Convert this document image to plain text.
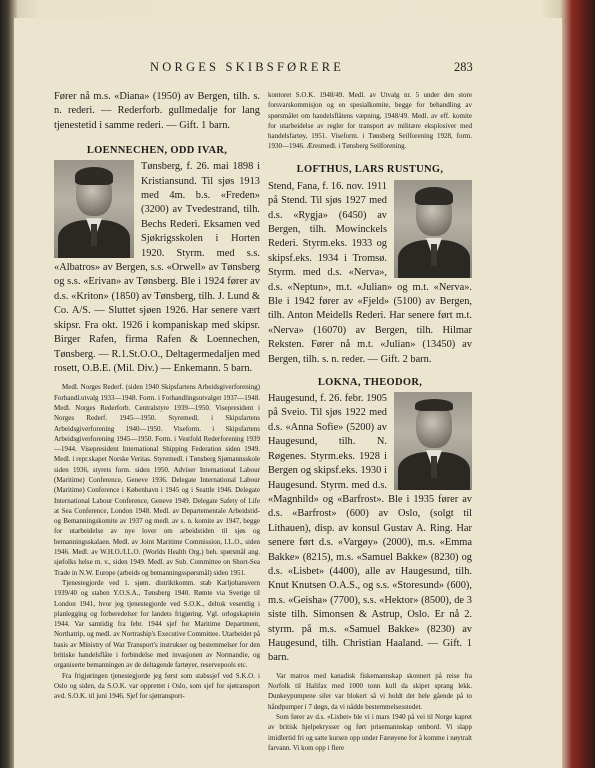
NORGES SKIBSFØRERE	283

Fører nå m.s. «Diana» (1950) av Bergen, tilh. s. n. rederi. — Rederforb. gullmedalje for lang tjenestetid i samme rederi. — Gift. 1 barn.

LOENNECHEN, ODD IVAR,

Tønsberg, f. 26. mai 1898 i Kristiansund. Til sjøs 1913 med 4m. b.s. «Freden» (3200) av Tvedestrand, tilh. Bechs Rederi. Eksamen ved Sjøkrigsskolen i Horten 1920. Styrm. med s.s. «Albatros» av Bergen, s.s. «Orwell» av Tønsberg og s.s. «Erivan» av Tønsberg. Ble i 1924 fører av d.s. «Kriton» (1850) av Tønsberg, tilh. J. Lund & Co. A/S. — Sluttet sjøen 1926. Har senere vært skipsr. Fra okt. 1926 i kompaniskap med skipsr. Birger Rafen, firma Rafen & Loennechen, Tønsberg. — R.1.St.O.O., Deltagermedaljen med rosett, O.B.E. (Mil. Div.) — Enkemann. 5 barn.

Medl. Norges Rederf. (siden 1940 Skipsfartens Arbeidsgiverforening) Forhandl.utvalg 1933—1948. Form. i Forhandlingsutvalget 1937—1948. Medl. Norges Rederforb. Centralstyre 1939—1950. Visepresident i Norges Rederf. 1945—1950. Styremedl. i Skipsfartens Arbeidsgiverforening 1940—1950. Viseform. i Skipsfartens Arbeidsgiverforening 1945—1950. Form. i Vestfold Rederforening 1939—1944. Visepresident International Shipping Federation siden 1949. Medl. i repr.skapet Norske Veritas. Styremedl. i Tønsberg Sjømannsskole siden 1936, styrets form. siden 1950. Adviser International Labour (Maritime) Conference, Geneve 1936. Delegate International Labour (Maritime) Conference i København i 1945 og i Seattle 1946. Delegate International Labour Conference, Geneve 1949. Delegate Safety of Life at Sea Conference, London 1948. Medl. av Departementale Arbeidstid- og Bemanningskomite av 1937 og medl. av s. n. komite av 1947, begge for utarbeidelse av nye lover om arbeidstiden til sjøs og bemanningsskalaen. Medl. av Joint Maritime Commission, I.L.O., siden 1946. Medl. av W.H.O./I.L.O. (Worlds Health Org.) beh. spørsmål ang. sjøfolks helse m. v., siden 1949. Medl. av Sub. Committee on Short-Sea Trade in N.W. Europe (arbeids og bemanningsspørsmål) siden 1951.

Tjenestegjorde ved 1. sjøm. distriktkomm. stab Karljohansvern 1939/40 og staben Y.O.S.A., Tønsberg 1940. Rømte via Sverige til London 1941, hvor jeg tjenestegjorde ved S.O.K., deltok vesentlig i planlegging og forberedelser for landets frigjøring. Vgl. orlogskaptein 1944. Var samtidig fra febr. 1944 sjef for Maritime Department, Northatrip, og medl. av Nortraship's Executive Committee. Utarbeidet på basis av Ministry of War Transport's instrukser og bestemmelser for den britiske handelsflåte i forbindelse med invasjonen av Normandie, og organiserte bemanningen av de deltagende fartøyer, reservepools etc.

Fra frigjøringen tjenestegjorde jeg først som stabssjef ved S.K.O. i Oslo og siden, da S.O.K. var opprettet i Oslo, som sjef for sjøtransport avd. S.O.K. til juni 1946. Sjef for sjøtransport-

kontoret S.O.K. 1948/49. Medl. av Utvalg nr. 5 under den store forsvarskommisjon og en spesialkomite, begge for behandling av spørsmålet om handelsflåtens væpning, 1948/49. Medl. av eff. komite for utarbeidelse av regler for transport av militære eksplosiver med handelsfartøy, 1951. Viseform. i Tønsberg Seilforening 1928, form. 1930—1946. Æresmedl. i Tønsberg Seilforening.

LOFTHUS, LARS RUSTUNG,

Stend, Fana, f. 16. nov. 1911 på Stend. Til sjøs 1927 med d.s. «Rygja» (6450) av Bergen, tilh. Mowinckels Rederi. Styrm.eks. 1933 og skipsf.eks. 1934 i Tromsø. Styrm. med d.s. «Nerva», d.s. «Neptun», m.t. «Julian» og m.t. «Nerva». Ble i 1942 fører av «Fjeld» (5100) av Bergen, tilh. Anton Meidells Rederi. Har senere ført m.t. «Nerva» (16070) av Bergen, tilh. Hilmar Reksten. Fører nå m.t. «Julian» (13450) av Bergen, tilh. s. n. reder. — Gift. 2 barn.

LOKNA, THEODOR,

Haugesund, f. 26. febr. 1905 på Sveio. Til sjøs 1922 med d.s. «Anna Sofie» (5200) av Haugesund, tilh. N. Røgenes. Styrm.eks. 1928 i Bergen og skipsf.eks. 1930 i Haugesund. Styrm. med d.s. «Magnhild» og «Barfrost». Ble i 1935 fører av d.s. «Barfrost» (600) av Oslo, (solgt til Lithauen), disp. av konsul Gustav A. Ring. Har senere ført d.s. «Vargøy» (2000), m.s. «Emma Bakke» (8215), m.s. «Samuel Bakke» (8230) og d.s. «Lisbet» (4400), alle av Haugesund, tilh. Knut Knutsen O.A.S., og s.s. «Storesund» (600), m.s. «Geisha» (7700), s.s. «Hektor» (8500), de 3 siste tilh. Simonsen & Astrup, Oslo. Er nå 2. styrm. på m.s. «Samuel Bakke» (8230) av Haugesund, tilh. Christian Haaland. — Gift. 1 barn.

Var matros med kanadisk fiskemannskap skonnert på reise fra Norfolk til Halifax med 1000 tonn kull da skipet sprang lekk. Dunkeypumpene siler var blokert så vi holdt det hele gående på to håndpumper i 7 døgn, da vi nådde bestemmelsesstedet.

Som fører av d.s. «Lisbet» ble vi i mars 1940 på vei til Norge kapret av britisk hjelpekrysser og ført prisemannskap ombord. Vi slapp imidlertid fri og satte kursen opp under Færøyene for å komme i nøytralt farvann. Vi kom opp i flere
